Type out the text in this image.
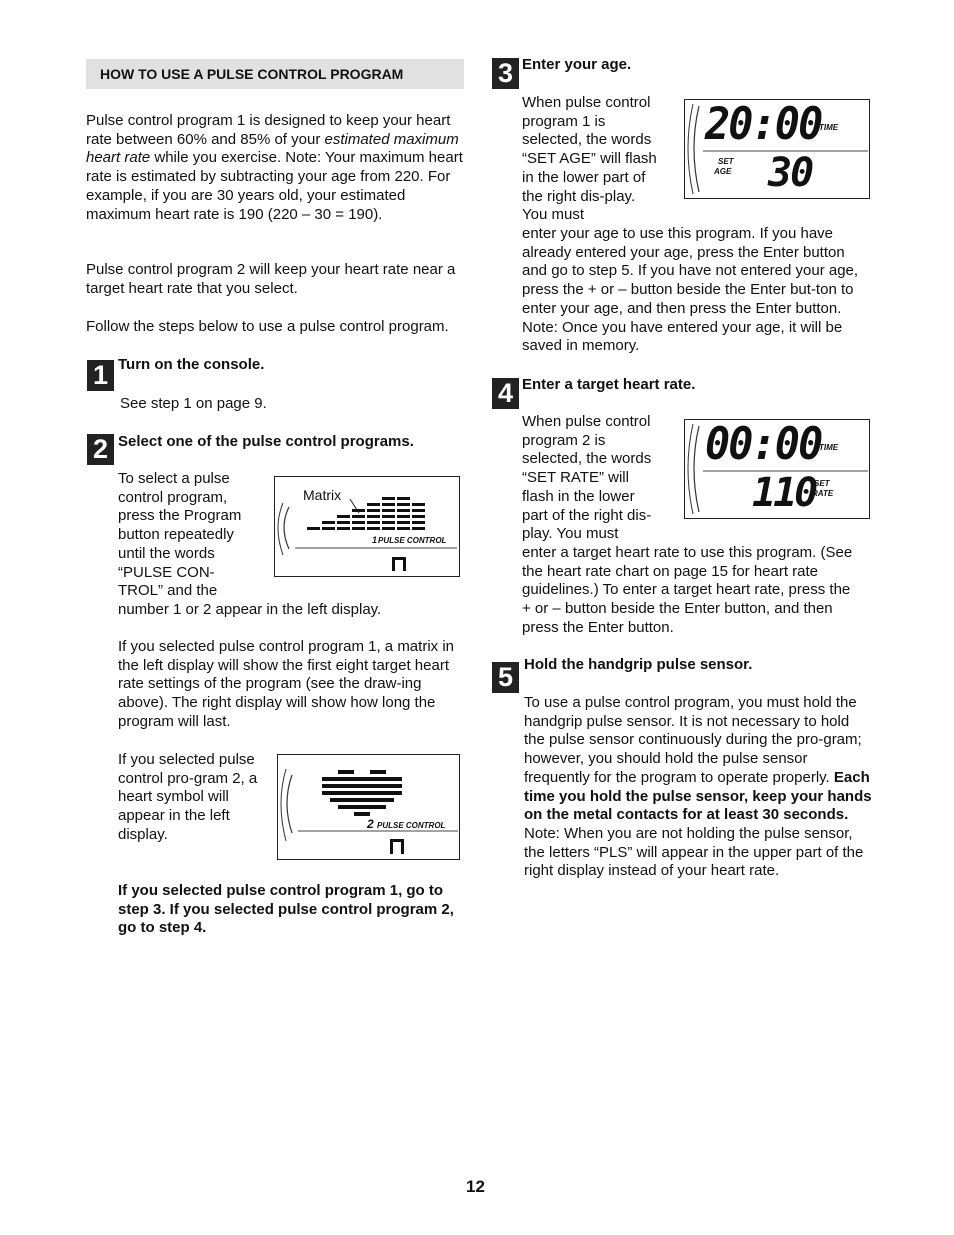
HOW TO USE A PULSE CONTROL PROGRAM

Pulse control program 1 is designed to keep your heart rate between 60% and 85% of your estimated maximum heart rate while you exercise. Note: Your maximum heart rate is estimated by subtracting your age from 220. For example, if you are 30 years old, your estimated maximum heart rate is 190 (220 – 30 = 190).

Pulse control program 2 will keep your heart rate near a target heart rate that you select.

Follow the steps below to use a pulse control program.

1 Turn on the console.

See step 1 on page 9.

2 Select one of the pulse control programs.

To select a pulse control program, press the Program button repeatedly until the words “PULSE CON-TROL” and the

number 1 or 2 appear in the left display.

If you selected pulse control program 1, a matrix in the left display will show the first eight target heart rate settings of the program (see the draw-ing above). The right display will show how long the program will last.

If you selected pulse control pro-gram 2, a heart symbol will appear in the left display.

If you selected pulse control program 1, go to step 3. If you selected pulse control program 2, go to step 4.

Matrix
1 PULSE CONTROL
2 PULSE CONTROL
3 Enter your age.

When pulse control program 1 is selected, the words “SET AGE” will flash in the lower part of the right dis-play. You must

enter your age to use this program. If you have already entered your age, press the Enter button and go to step 5. If you have not entered your age, press the + or – button beside the Enter but-ton to enter your age, and then press the Enter button. Note: Once you have entered your age, it will be saved in memory.

20:00
TIME
SET
AGE 30
4 Enter a target heart rate.

When pulse control program 2 is selected, the words “SET RATE” will flash in the lower part of the right dis-play. You must

enter a target heart rate to use this program. (See the heart rate chart on page 15 for heart rate guidelines.) To enter a target heart rate, press the + or – button beside the Enter button, and then press the Enter button.

00:00
TIME
110
SET
RATE
5 Hold the handgrip pulse sensor.

To use a pulse control program, you must hold the handgrip pulse sensor. It is not necessary to hold the pulse sensor continuously during the pro-gram; however, you should hold the pulse sensor frequently for the program to operate properly. Each time you hold the pulse sensor, keep your hands on the metal contacts for at least 30 seconds. Note: When you are not holding the pulse sensor, the letters “PLS” will appear in the upper part of the right display instead of your heart rate.

12
